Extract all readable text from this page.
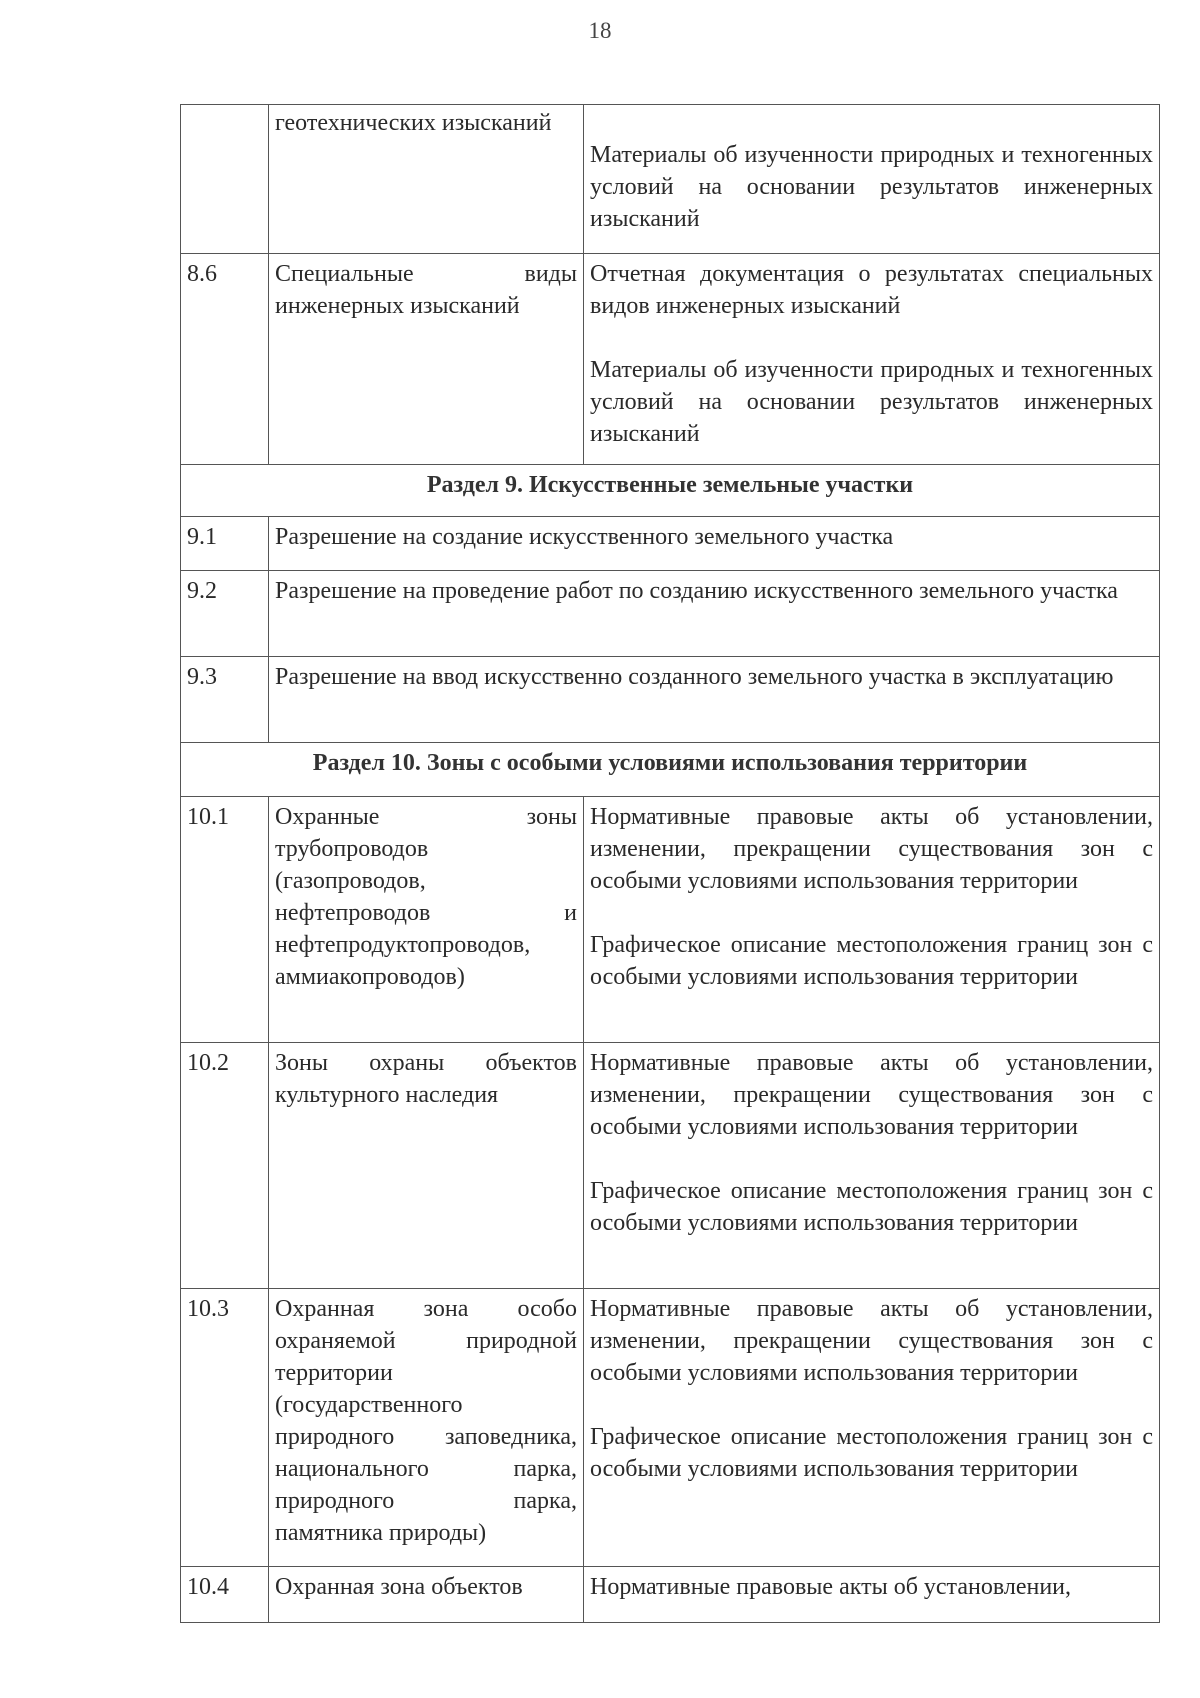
18
	геотехнических изысканий	Материалы об изученности природных и техногенных условий на основании результатов инженерных изысканий

8.6	Специальные виды инженерных изысканий	Отчетная документация о результатах специальных видов инженерных изысканий
Материалы об изученности природных и техногенных условий на основании результатов инженерных изысканий

Раздел 9. Искусственные земельные участки		
9.1	Разрешение на создание искусственного земельного участка	
9.2	Разрешение на проведение работ по созданию искусственного земельного участка	
9.3	Разрешение на ввод искусственно созданного земельного участка в эксплуатацию	
Раздел 10. Зоны с особыми условиями использования территории		
10.1	Охранные зоны трубопроводов (газопроводов, нефтепроводов и нефтепродуктопроводов, аммиакопроводов)	Нормативные правовые акты об установлении, изменении, прекращении существования зон с особыми условиями использования территории
Графическое описание местоположения границ зон с особыми условиями использования территории

10.2	Зоны охраны объектов культурного наследия	Нормативные правовые акты об установлении, изменении, прекращении существования зон с особыми условиями использования территории
Графическое описание местоположения границ зон с особыми условиями использования территории

10.3	Охранная зона особо охраняемой природной территории (государственного природного заповедника, национального парка, природного парка, памятника природы)	Нормативные правовые акты об установлении, изменении, прекращении существования зон с особыми условиями использования территории
Графическое описание местоположения границ зон с особыми условиями использования территории

10.4	Охранная зона объектов	Нормативные правовые акты об установлении,
